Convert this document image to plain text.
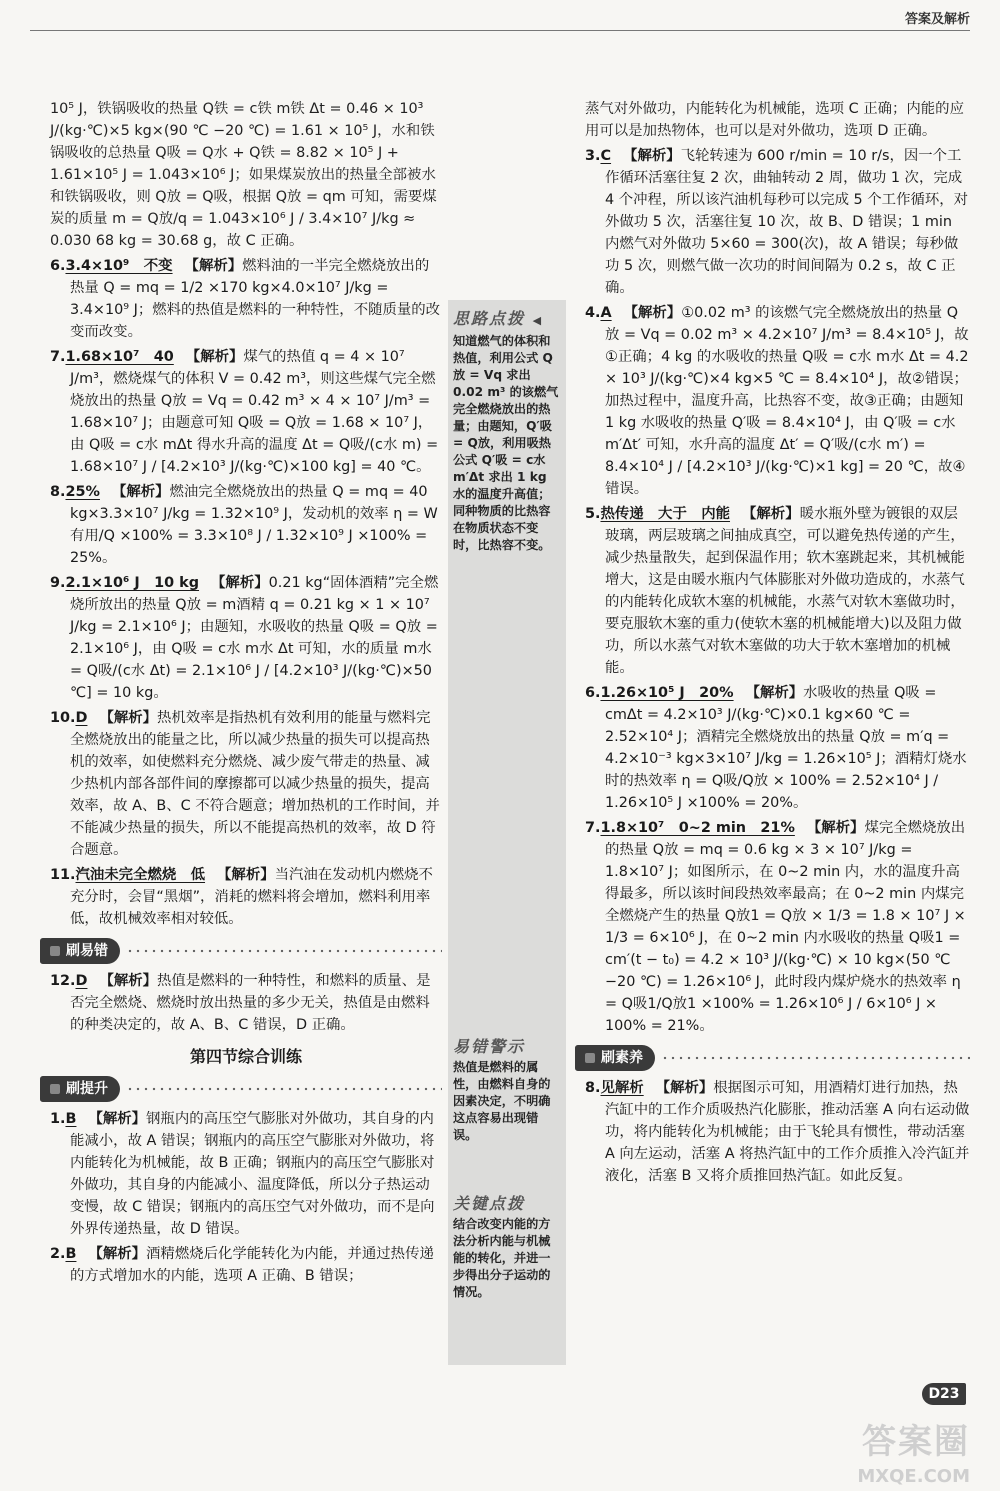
答案及解析

10⁵ J，铁锅吸收的热量 Q铁 = c铁 m铁 Δt = 0.46 × 10³ J/(kg·℃)×5 kg×(90 ℃ −20 ℃) = 1.61 × 10⁵ J，水和铁锅吸收的总热量 Q吸 = Q水 + Q铁 = 8.82 × 10⁵ J + 1.61×10⁵ J = 1.043×10⁶ J；如果煤炭放出的热量全部被水和铁锅吸收，则 Q放 = Q吸，根据 Q放 = qm 可知，需要煤炭的质量 m = Q放/q = 1.043×10⁶ J / 3.4×10⁷ J/kg ≈ 0.030 68 kg = 30.68 g，故 C 正确。

6.3.4×10⁹　不变 【解析】燃料油的一半完全燃烧放出的热量 Q = mq = 1/2 ×170 kg×4.0×10⁷ J/kg = 3.4×10⁹ J；燃料的热值是燃料的一种特性，不随质量的改变而改变。

7.1.68×10⁷　40 【解析】煤气的热值 q = 4 × 10⁷ J/m³，燃烧煤气的体积 V = 0.42 m³，则这些煤气完全燃烧放出的热量 Q放 = Vq = 0.42 m³ × 4 × 10⁷ J/m³ = 1.68×10⁷ J；由题意可知 Q吸 = Q放 = 1.68 × 10⁷ J，由 Q吸 = c水 mΔt 得水升高的温度 Δt = Q吸/(c水 m) = 1.68×10⁷ J / [4.2×10³ J/(kg·℃)×100 kg] = 40 ℃。

8.25% 【解析】燃油完全燃烧放出的热量 Q = mq = 40 kg×3.3×10⁷ J/kg = 1.32×10⁹ J，发动机的效率 η = W有用/Q ×100% = 3.3×10⁸ J / 1.32×10⁹ J ×100% = 25%。

9.2.1×10⁶ J　10 kg 【解析】0.21 kg“固体酒精”完全燃烧所放出的热量 Q放 = m酒精 q = 0.21 kg × 1 × 10⁷ J/kg = 2.1×10⁶ J；由题知，水吸收的热量 Q吸 = Q放 = 2.1×10⁶ J，由 Q吸 = c水 m水 Δt 可知，水的质量 m水 = Q吸/(c水 Δt) = 2.1×10⁶ J / [4.2×10³ J/(kg·℃)×50 ℃] = 10 kg。

10.D 【解析】热机效率是指热机有效利用的能量与燃料完全燃烧放出的能量之比，所以减少热量的损失可以提高热机的效率，如使燃料充分燃烧、减少废气带走的热量、减少热机内部各部件间的摩擦都可以减少热量的损失，提高效率，故 A、B、C 不符合题意；增加热机的工作时间，并不能减少热量的损失，所以不能提高热机的效率，故 D 符合题意。

11.汽油未完全燃烧　低 【解析】当汽油在发动机内燃烧不充分时，会冒“黑烟”，消耗的燃料将会增加，燃料利用率低，故机械效率相对较低。

刷易错

12.D 【解析】热值是燃料的一种特性，和燃料的质量、是否完全燃烧、燃烧时放出热量的多少无关，热值是由燃料的种类决定的，故 A、B、C 错误，D 正确。

第四节综合训练
刷提升

1.B 【解析】钢瓶内的高压空气膨胀对外做功，其自身的内能减小，故 A 错误；钢瓶内的高压空气膨胀对外做功，将内能转化为机械能，故 B 正确；钢瓶内的高压空气膨胀对外做功，其自身的内能减小、温度降低，所以分子热运动变慢，故 C 错误；钢瓶内的高压空气对外做功，而不是向外界传递热量，故 D 错误。

2.B 【解析】酒精燃烧后化学能转化为内能，并通过热传递的方式增加水的内能，选项 A 正确、B 错误；

思路点拨 ◀
知道燃气的体积和热值，利用公式 Q放 = Vq 求出 0.02 m³ 的该燃气完全燃烧放出的热量；由题知，Q′吸 = Q放，利用吸热公式 Q′吸 = c水 m′Δt 求出 1 kg 水的温度升高值；同种物质的比热容在物质状态不变时，比热容不变。
易错警示
热值是燃料的属性，由燃料自身的因素决定，不明确这点容易出现错误。
关键点拨
结合改变内能的方法分析内能与机械能的转化，并进一步得出分子运动的情况。

蒸气对外做功，内能转化为机械能，选项 C 正确；内能的应用可以是加热物体，也可以是对外做功，选项 D 正确。

3.C 【解析】飞轮转速为 600 r/min = 10 r/s，因一个工作循环活塞往复 2 次，曲轴转动 2 周，做功 1 次，完成 4 个冲程，所以该汽油机每秒可以完成 5 个工作循环，对外做功 5 次，活塞往复 10 次，故 B、D 错误；1 min 内燃气对外做功 5×60 = 300(次)，故 A 错误；每秒做功 5 次，则燃气做一次功的时间间隔为 0.2 s，故 C 正确。

4.A 【解析】①0.02 m³ 的该燃气完全燃烧放出的热量 Q放 = Vq = 0.02 m³ × 4.2×10⁷ J/m³ = 8.4×10⁵ J，故①正确；4 kg 的水吸收的热量 Q吸 = c水 m水 Δt = 4.2 × 10³ J/(kg·℃)×4 kg×5 ℃ = 8.4×10⁴ J，故②错误；加热过程中，温度升高，比热容不变，故③正确；由题知 1 kg 水吸收的热量 Q′吸 = 8.4×10⁴ J，由 Q′吸 = c水 m′Δt′ 可知，水升高的温度 Δt′ = Q′吸/(c水 m′) = 8.4×10⁴ J / [4.2×10³ J/(kg·℃)×1 kg] = 20 ℃，故④错误。

5.热传递　大于　内能 【解析】暖水瓶外壁为镀银的双层玻璃，两层玻璃之间抽成真空，可以避免热传递的产生，减少热量散失，起到保温作用；软木塞跳起来，其机械能增大，这是由暖水瓶内气体膨胀对外做功造成的，水蒸气的内能转化成软木塞的机械能，水蒸气对软木塞做功时，要克服软木塞的重力(使软木塞的机械能增大)以及阻力做功，所以水蒸气对软木塞做的功大于软木塞增加的机械能。

6.1.26×10⁵ J　20% 【解析】水吸收的热量 Q吸 = cmΔt = 4.2×10³ J/(kg·℃)×0.1 kg×60 ℃ = 2.52×10⁴ J；酒精完全燃烧放出的热量 Q放 = m′q = 4.2×10⁻³ kg×3×10⁷ J/kg = 1.26×10⁵ J；酒精灯烧水时的热效率 η = Q吸/Q放 × 100% = 2.52×10⁴ J / 1.26×10⁵ J ×100% = 20%。

7.1.8×10⁷　0~2 min　21% 【解析】煤完全燃烧放出的热量 Q放 = mq = 0.6 kg × 3 × 10⁷ J/kg = 1.8×10⁷ J；如图所示，在 0~2 min 内，水的温度升高得最多，所以该时间段热效率最高；在 0~2 min 内煤完全燃烧产生的热量 Q放1 = Q放 × 1/3 = 1.8 × 10⁷ J × 1/3 = 6×10⁶ J，在 0~2 min 内水吸收的热量 Q吸1 = cm′(t − t₀) = 4.2 × 10³ J/(kg·℃) × 10 kg×(50 ℃ −20 ℃) = 1.26×10⁶ J，此时段内煤炉烧水的热效率 η = Q吸1/Q放1 ×100% = 1.26×10⁶ J / 6×10⁶ J × 100% = 21%。

刷素养

8.见解析 【解析】根据图示可知，用酒精灯进行加热，热汽缸中的工作介质吸热汽化膨胀，推动活塞 A 向右运动做功，将内能转化为机械能；由于飞轮具有惯性，带动活塞 A 向左运动，活塞 A 将热汽缸中的工作介质推入冷汽缸并液化，活塞 B 又将介质推回热汽缸。如此反复。

D23
答案圈
MXQE.COM
